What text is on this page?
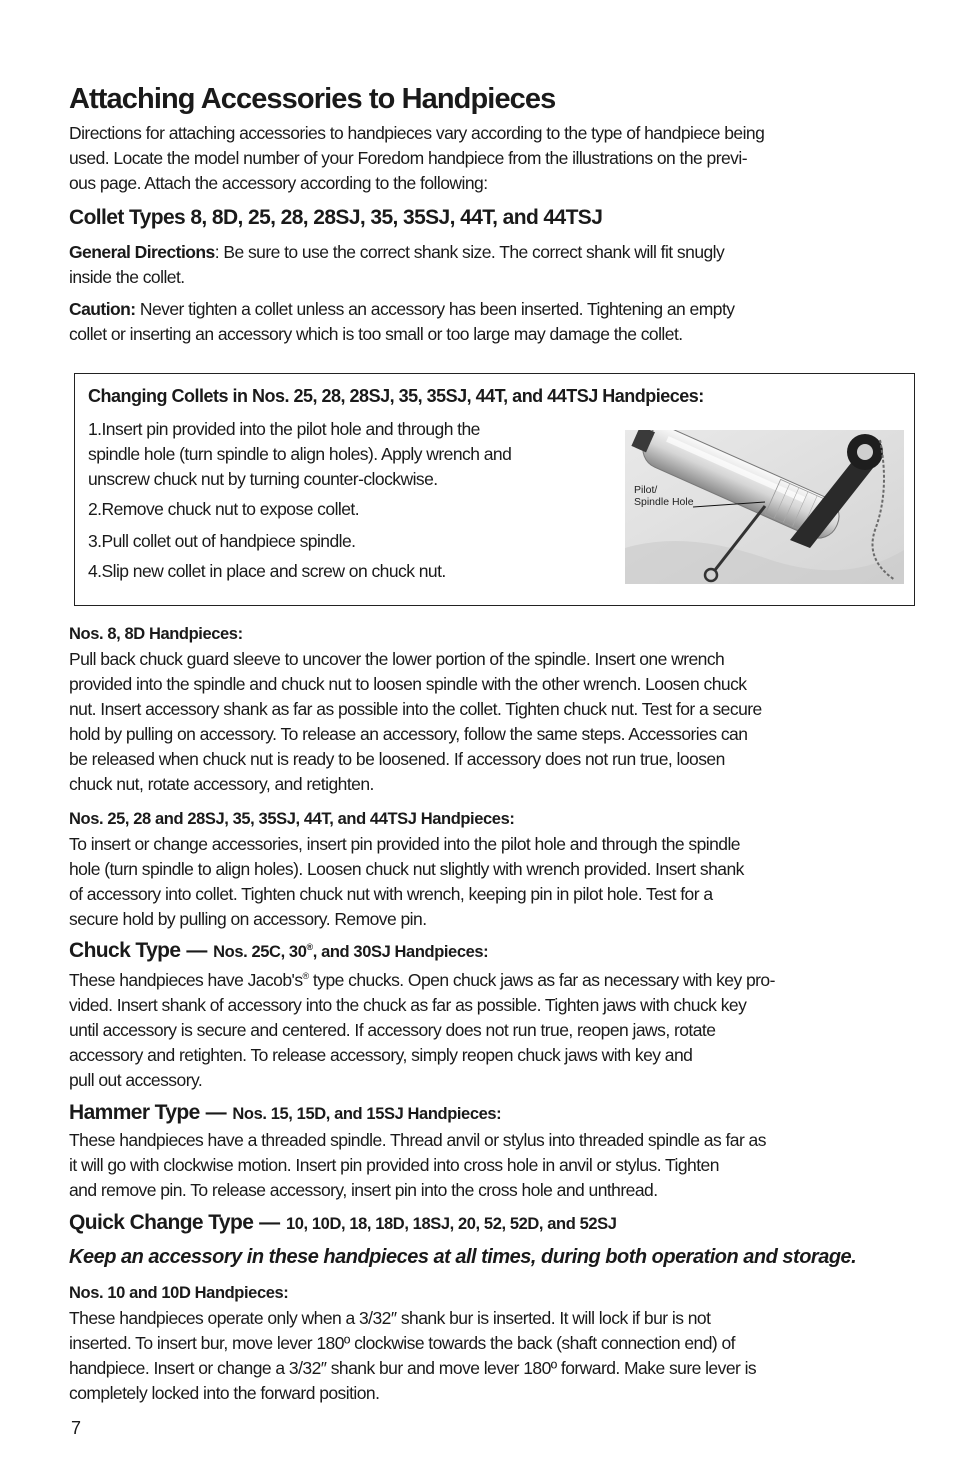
Attaching Accessories to Handpieces
Directions for attaching accessories to handpieces vary according to the type of handpiece being
used. Locate the model number of your Foredom handpiece from the illustrations on the previ-
ous page. Attach the accessory according to the following:
Collet Types 8, 8D, 25, 28, 28SJ, 35, 35SJ, 44T, and 44TSJ
General Directions: Be sure to use the correct shank size. The correct shank will fit snugly
inside the collet.
Caution: Never tighten a collet unless an accessory has been inserted. Tightening an empty
collet or inserting an accessory which is too small or too large may damage the collet.
Changing Collets in Nos. 25, 28, 28SJ, 35, 35SJ, 44T, and 44TSJ Handpieces:
1.Insert pin provided into the pilot hole and through the
spindle hole (turn spindle to align holes). Apply wrench and
unscrew chuck nut by turning counter-clockwise.
2.Remove chuck nut to expose collet.
3.Pull collet out of handpiece spindle.
4.Slip new collet in place and screw on chuck nut.
Pilot/
Spindle Hole
Nos. 8, 8D Handpieces:
Pull back chuck guard sleeve to uncover the lower portion of the spindle. Insert one wrench
provided into the spindle and chuck nut to loosen spindle with the other wrench. Loosen chuck
nut. Insert accessory shank as far as possible into the collet. Tighten chuck nut. Test for a secure
hold by pulling on accessory. To release an accessory, follow the same steps. Accessories can
be released when chuck nut is ready to be loosened. If accessory does not run true, loosen
chuck nut, rotate accessory, and retighten.
Nos. 25, 28 and 28SJ, 35, 35SJ, 44T, and 44TSJ Handpieces:
To insert or change accessories, insert pin provided into the pilot hole and through the spindle
hole (turn spindle to align holes). Loosen chuck nut slightly with wrench provided. Insert shank
of accessory into collet. Tighten chuck nut with wrench, keeping pin in pilot hole. Test for a
secure hold by pulling on accessory. Remove pin.
Chuck Type — Nos. 25C, 30®, and 30SJ Handpieces:
These handpieces have Jacob's® type chucks. Open chuck jaws as far as necessary with key pro-
vided. Insert shank of accessory into the chuck as far as possible. Tighten jaws with chuck key
until accessory is secure and centered. If accessory does not run true, reopen jaws, rotate
accessory and retighten. To release accessory, simply reopen chuck jaws with key and
pull out accessory.
Hammer Type — Nos. 15, 15D, and 15SJ Handpieces:
These handpieces have a threaded spindle. Thread anvil or stylus into threaded spindle as far as
it will go with clockwise motion. Insert pin provided into cross hole in anvil or stylus. Tighten
and remove pin. To release accessory, insert pin into the cross hole and unthread.
Quick Change Type — 10, 10D, 18, 18D, 18SJ, 20, 52, 52D, and 52SJ
Keep an accessory in these handpieces at all times, during both operation and storage.
Nos. 10 and 10D Handpieces:
These handpieces operate only when a 3/32″ shank bur is inserted. It will lock if bur is not
inserted. To insert bur, move lever 180º clockwise towards the back (shaft connection end) of
handpiece. Insert or change a 3/32″ shank bur and move lever 180º forward. Make sure lever is
completely locked into the forward position.
7
